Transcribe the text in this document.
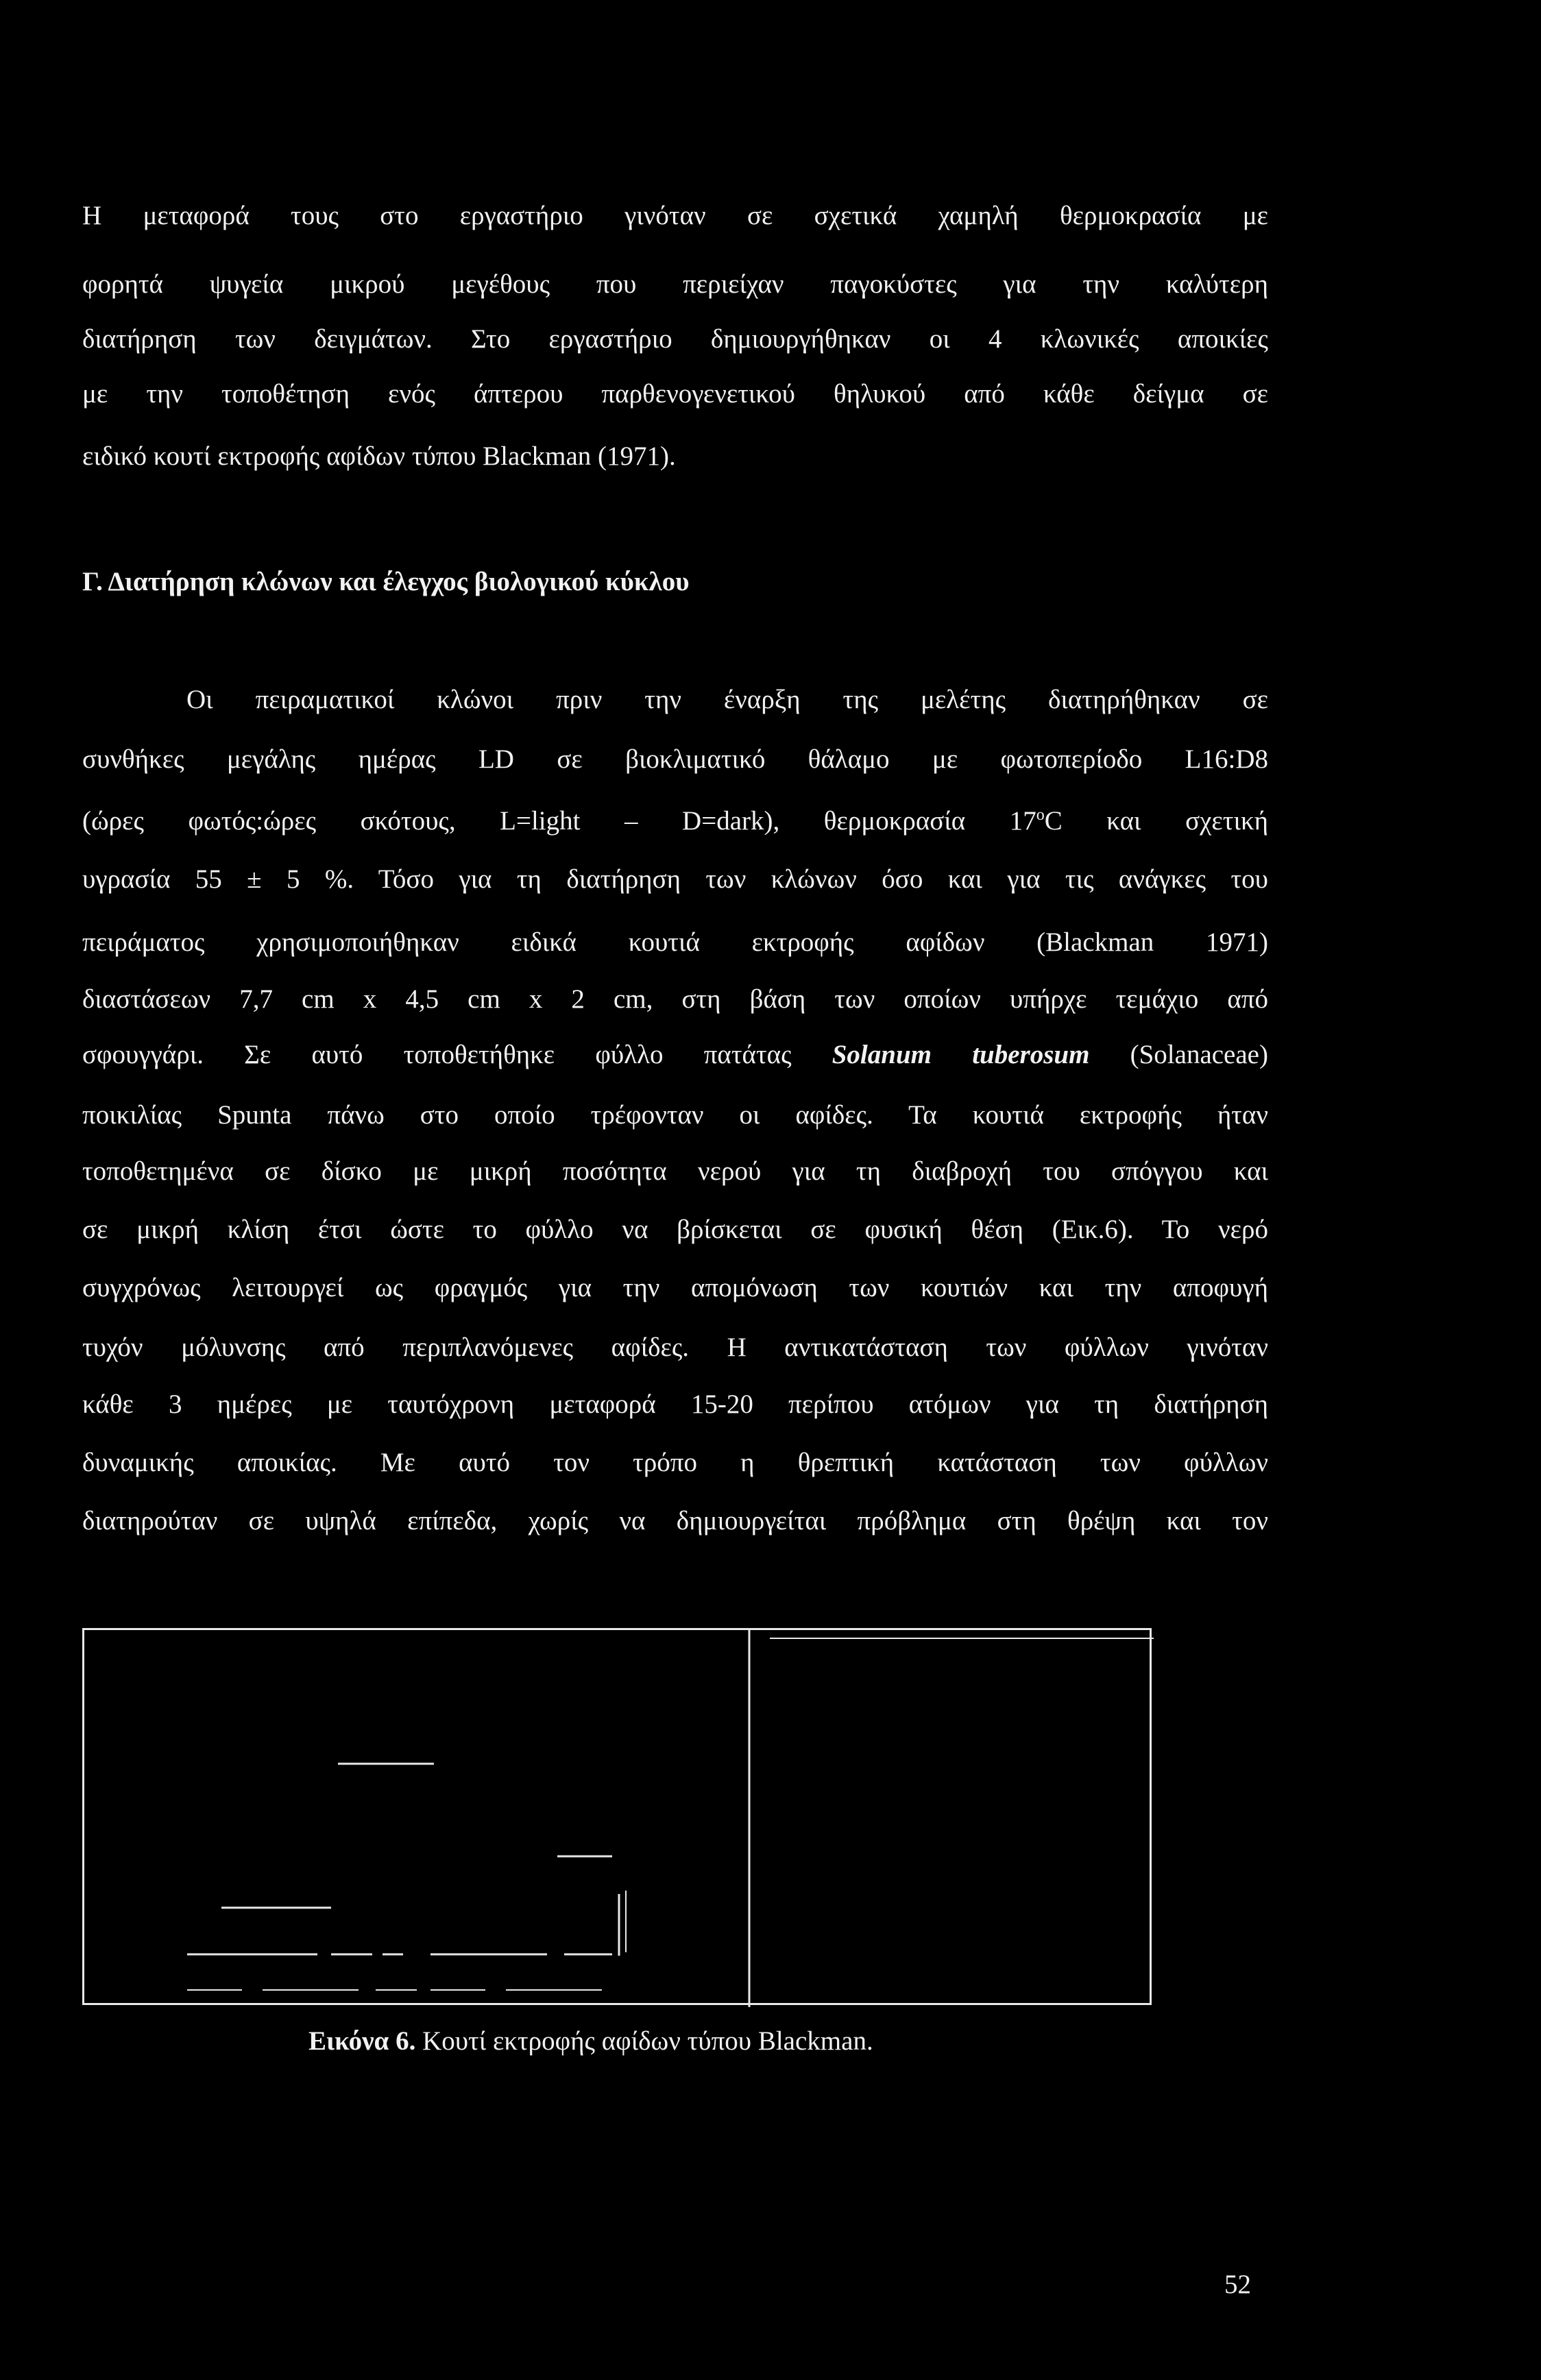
Η μεταφορά τους στο εργαστήριο γινόταν σε σχετικά χαμηλή θερμοκρασία με
φορητά ψυγεία μικρού μεγέθους που περιείχαν παγοκύστες για την καλύτερη
διατήρηση των δειγμάτων. Στο εργαστήριο δημιουργήθηκαν οι 4 κλωνικές αποικίες
με την τοποθέτηση ενός άπτερου παρθενογενετικού θηλυκού από κάθε δείγμα σε
ειδικό κουτί εκτροφής αφίδων τύπου Blackman (1971).
Γ. Διατήρηση κλώνων και έλεγχος βιολογικού κύκλου
Οι πειραματικοί κλώνοι πριν την έναρξη της μελέτης διατηρήθηκαν σε
συνθήκες μεγάλης ημέρας LD σε βιοκλιματικό θάλαμο με φωτοπερίοδο L16:D8
(ώρες φωτός:ώρες σκότους, L=light – D=dark), θερμοκρασία 17$^o$C και σχετική
υγρασία 55 ± 5 %. Τόσο για τη διατήρηση των κλώνων όσο και για τις ανάγκες του
πειράματος χρησιμοποιήθηκαν ειδικά κουτιά εκτροφής αφίδων (Blackman 1971)
διαστάσεων 7,7 cm x 4,5 cm x 2 cm, στη βάση των οποίων υπήρχε τεμάχιο από
σφουγγάρι. Σε αυτό τοποθετήθηκε φύλλο πατάτας Solanum tuberosum (Solanaceae)
ποικιλίας Spunta πάνω στο οποίο τρέφονταν οι αφίδες. Τα κουτιά εκτροφής ήταν
τοποθετημένα σε δίσκο με μικρή ποσότητα νερού για τη διαβροχή του σπόγγου και
σε μικρή κλίση έτσι ώστε το φύλλο να βρίσκεται σε φυσική θέση (Εικ.6). Το νερό
συγχρόνως λειτουργεί ως φραγμός για την απομόνωση των κουτιών και την αποφυγή
τυχόν μόλυνσης από περιπλανόμενες αφίδες. Η αντικατάσταση των φύλλων γινόταν
κάθε 3 ημέρες με ταυτόχρονη μεταφορά 15-20 περίπου ατόμων για τη διατήρηση
δυναμικής αποικίας. Με αυτό τον τρόπο η θρεπτική κατάσταση των φύλλων
διατηρούταν σε υψηλά επίπεδα, χωρίς να δημιουργείται πρόβλημα στη θρέψη και τον
Εικόνα 6. Κουτί εκτροφής αφίδων τύπου Blackman.
52
